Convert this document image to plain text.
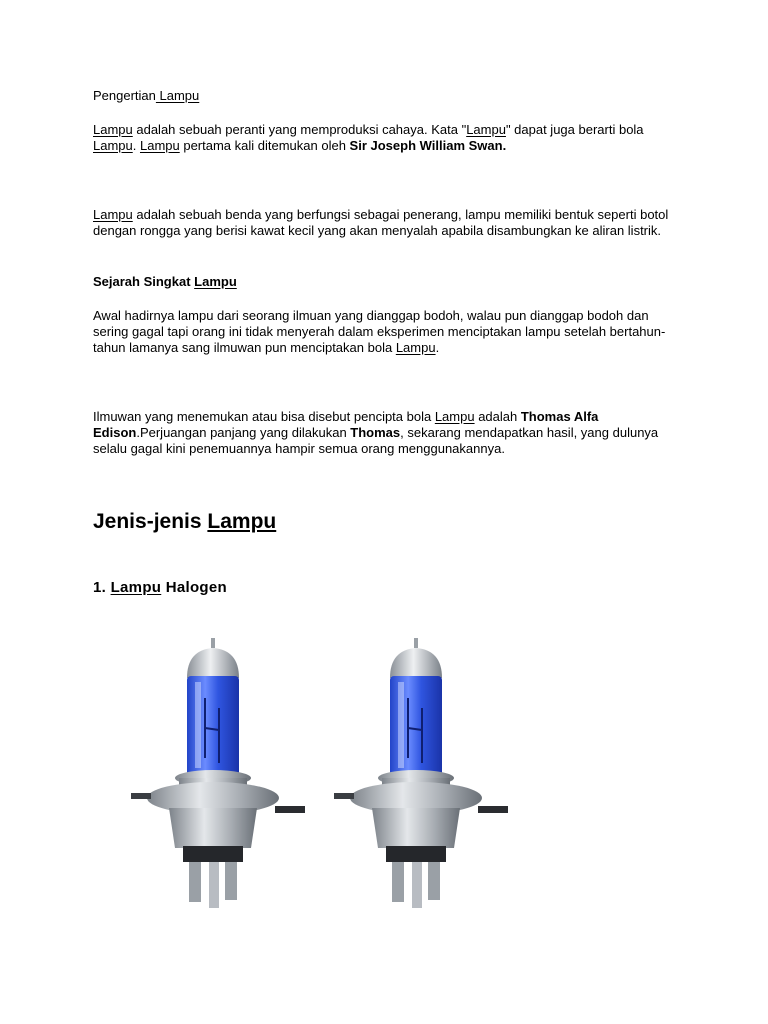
Pengertian Lampu
Lampu adalah sebuah peranti yang memproduksi cahaya. Kata "Lampu" dapat juga berarti bola Lampu. Lampu pertama kali ditemukan oleh Sir Joseph William Swan.
Lampu adalah sebuah benda yang berfungsi sebagai penerang, lampu memiliki bentuk seperti botol dengan rongga yang berisi kawat kecil yang akan menyalah apabila disambungkan ke aliran listrik.
Sejarah Singkat Lampu
Awal hadirnya lampu dari seorang ilmuan yang dianggap bodoh, walau pun dianggap bodoh dan sering gagal tapi orang ini tidak menyerah dalam eksperimen menciptakan lampu setelah bertahun-tahun lamanya sang ilmuwan pun menciptakan bola Lampu.
Ilmuwan yang menemukan atau bisa disebut pencipta bola Lampu adalah Thomas Alfa Edison.Perjuangan panjang yang dilakukan Thomas, sekarang mendapatkan hasil, yang dulunya selalu gagal kini penemuannya hampir semua orang menggunakannya.
Jenis-jenis Lampu
1. Lampu Halogen
